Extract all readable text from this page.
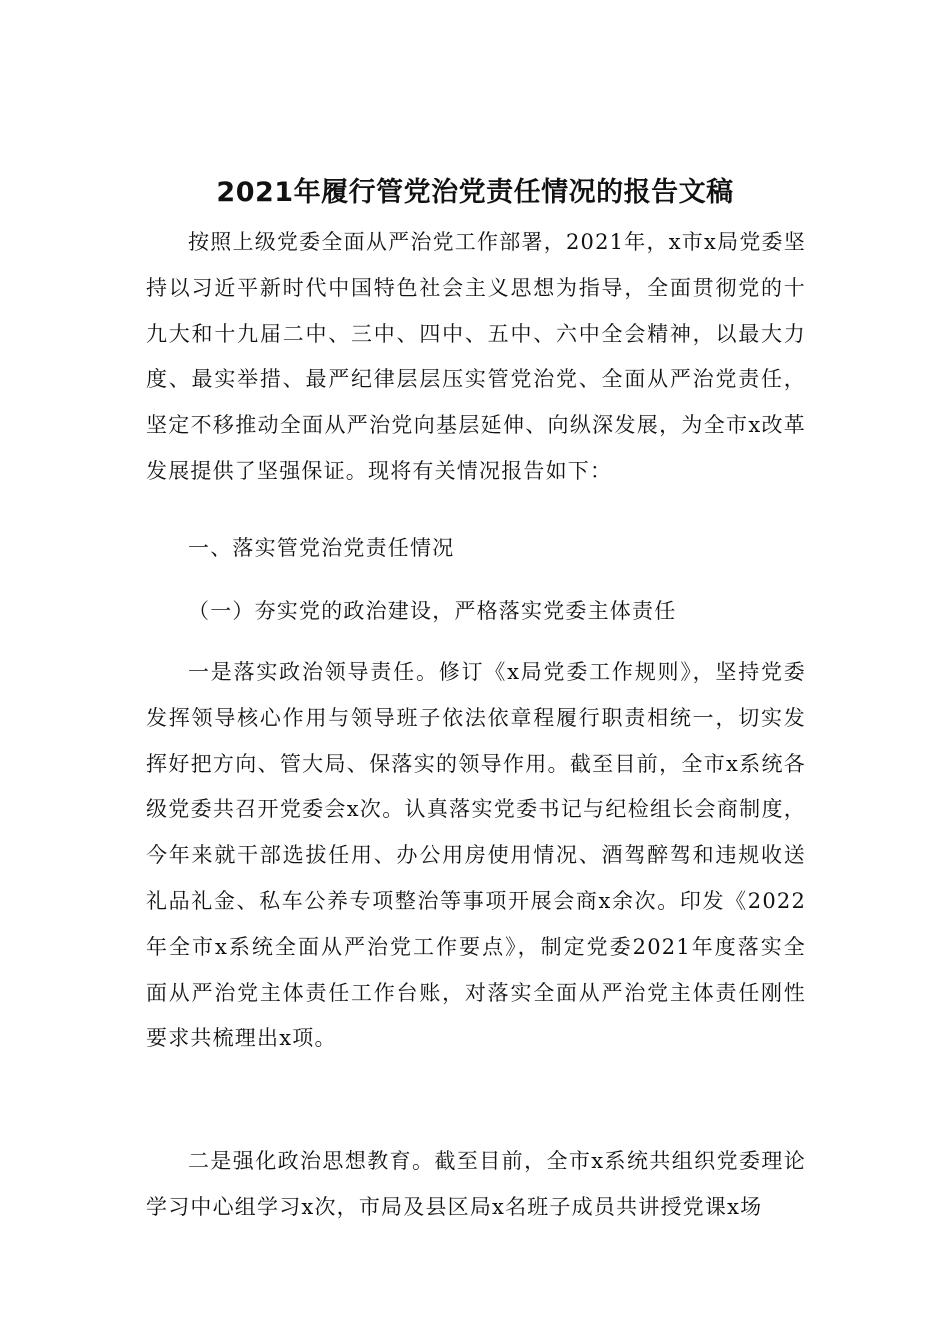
2021年履行管党治党责任情况的报告文稿

按照上级党委全面从严治党工作部署，2021年，x市x局党委坚持以习近平新时代中国特色社会主义思想为指导，全面贯彻党的十九大和十九届二中、三中、四中、五中、六中全会精神，以最大力度、最实举措、最严纪律层层压实管党治党、全面从严治党责任，坚定不移推动全面从严治党向基层延伸、向纵深发展，为全市x改革发展提供了坚强保证。现将有关情况报告如下：

一、落实管党治党责任情况

（一）夯实党的政治建设，严格落实党委主体责任

一是落实政治领导责任。修订《x局党委工作规则》，坚持党委发挥领导核心作用与领导班子依法依章程履行职责相统一，切实发挥好把方向、管大局、保落实的领导作用。截至目前，全市x系统各级党委共召开党委会x次。认真落实党委书记与纪检组长会商制度，今年来就干部选拔任用、办公用房使用情况、酒驾醉驾和违规收送礼品礼金、私车公养专项整治等事项开展会商x余次。印发《2022年全市x系统全面从严治党工作要点》，制定党委2021年度落实全面从严治党主体责任工作台账，对落实全面从严治党主体责任刚性要求共梳理出x项。

二是强化政治思想教育。截至目前，全市x系统共组织党委理论学习中心组学习x次，市局及县区局x名班子成员共讲授党课x场
